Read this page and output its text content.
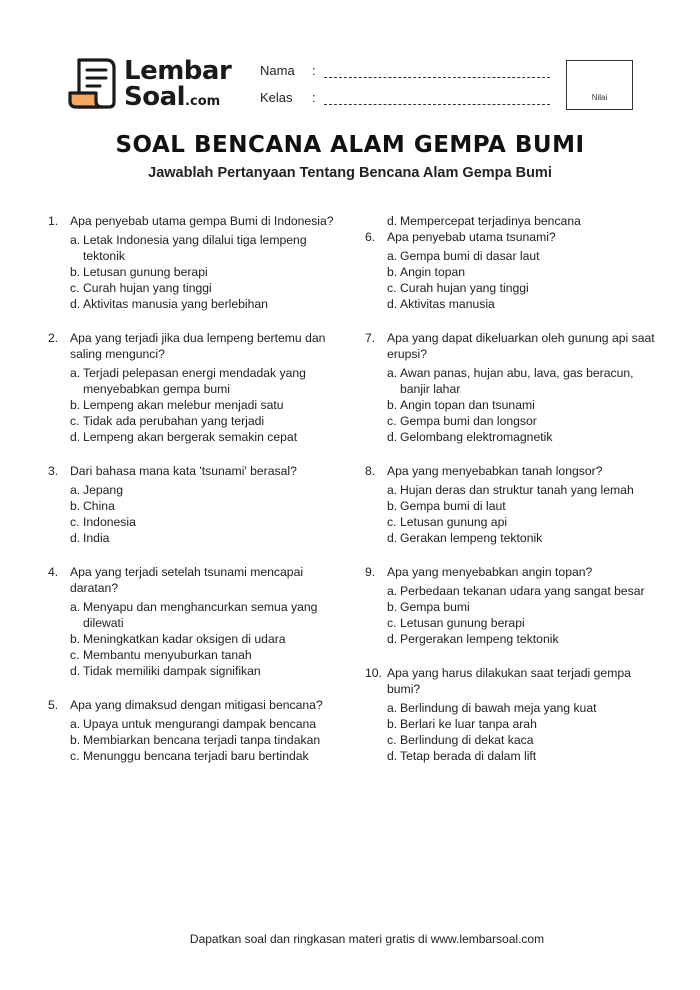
Lembar
Soal.com
Nama :
Kelas :	Nilai
SOAL BENCANA ALAM GEMPA BUMI
Jawablah Pertanyaan Tentang Bencana Alam Gempa Bumi
1. Apa penyebab utama gempa Bumi di Indonesia?
a. Letak Indonesia yang dilalui tiga lempeng tektonik
b. Letusan gunung berapi
c. Curah hujan yang tinggi
d. Aktivitas manusia yang berlebihan
2. Apa yang terjadi jika dua lempeng bertemu dan saling mengunci?
a. Terjadi pelepasan energi mendadak yang menyebabkan gempa bumi
b. Lempeng akan melebur menjadi satu
c. Tidak ada perubahan yang terjadi
d. Lempeng akan bergerak semakin cepat
3. Dari bahasa mana kata 'tsunami' berasal?
a. Jepang
b. China
c. Indonesia
d. India
4. Apa yang terjadi setelah tsunami mencapai daratan?
a. Menyapu dan menghancurkan semua yang dilewati
b. Meningkatkan kadar oksigen di udara
c. Membantu menyuburkan tanah
d. Tidak memiliki dampak signifikan
5. Apa yang dimaksud dengan mitigasi bencana?
a. Upaya untuk mengurangi dampak bencana
b. Membiarkan bencana terjadi tanpa tindakan
c. Menunggu bencana terjadi baru bertindak
d. Mempercepat terjadinya bencana
6. Apa penyebab utama tsunami?
a. Gempa bumi di dasar laut
b. Angin topan
c. Curah hujan yang tinggi
d. Aktivitas manusia
7. Apa yang dapat dikeluarkan oleh gunung api saat erupsi?
a. Awan panas, hujan abu, lava, gas beracun, banjir lahar
b. Angin topan dan tsunami
c. Gempa bumi dan longsor
d. Gelombang elektromagnetik
8. Apa yang menyebabkan tanah longsor?
a. Hujan deras dan struktur tanah yang lemah
b. Gempa bumi di laut
c. Letusan gunung api
d. Gerakan lempeng tektonik
9. Apa yang menyebabkan angin topan?
a. Perbedaan tekanan udara yang sangat besar
b. Gempa bumi
c. Letusan gunung berapi
d. Pergerakan lempeng tektonik
10. Apa yang harus dilakukan saat terjadi gempa bumi?
a. Berlindung di bawah meja yang kuat
b. Berlari ke luar tanpa arah
c. Berlindung di dekat kaca
d. Tetap berada di dalam lift
Dapatkan soal dan ringkasan materi gratis di www.lembarsoal.com
